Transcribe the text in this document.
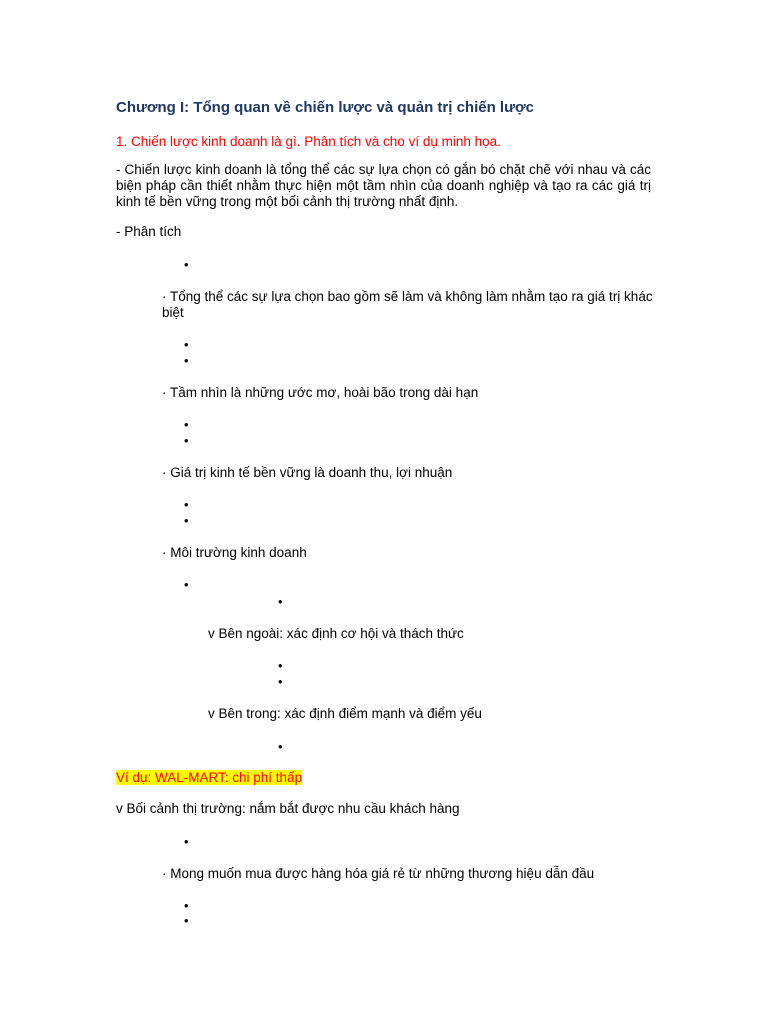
Chương I: Tổng quan về chiến lược và quản trị chiến lược
1. Chiến lược kinh doanh là gì. Phân tích và cho ví dụ minh họa.
- Chiến lược kinh doanh là tổng thể các sự lựa chọn có gắn bó chặt chẽ với nhau và các biện pháp cần thiết nhằm thực hiện một tầm nhìn của doanh nghiệp và tạo ra các giá trị kinh tế bền vững trong một bối cảnh thị trường nhất định.
- Phân tích
•
· Tổng thể các sự lựa chọn bao gồm sẽ làm và không làm nhằm tạo ra giá trị khác biệt
•
•
· Tầm nhìn là những ước mơ, hoài bão trong dài hạn
•
•
· Giá trị kinh tế bền vững là doanh thu, lợi nhuận
•
•
· Môi trường kinh doanh
•
•
v Bên ngoài: xác định cơ hội và thách thức
•
•
v Bên trong: xác định điểm mạnh và điểm yếu
•
Ví dụ: WAL-MART: chi phí thấp
v Bối cảnh thị trường: nắm bắt được nhu cầu khách hàng
•
· Mong muốn mua được hàng hóa giá rẻ từ những thương hiệu dẫn đầu
•
•
